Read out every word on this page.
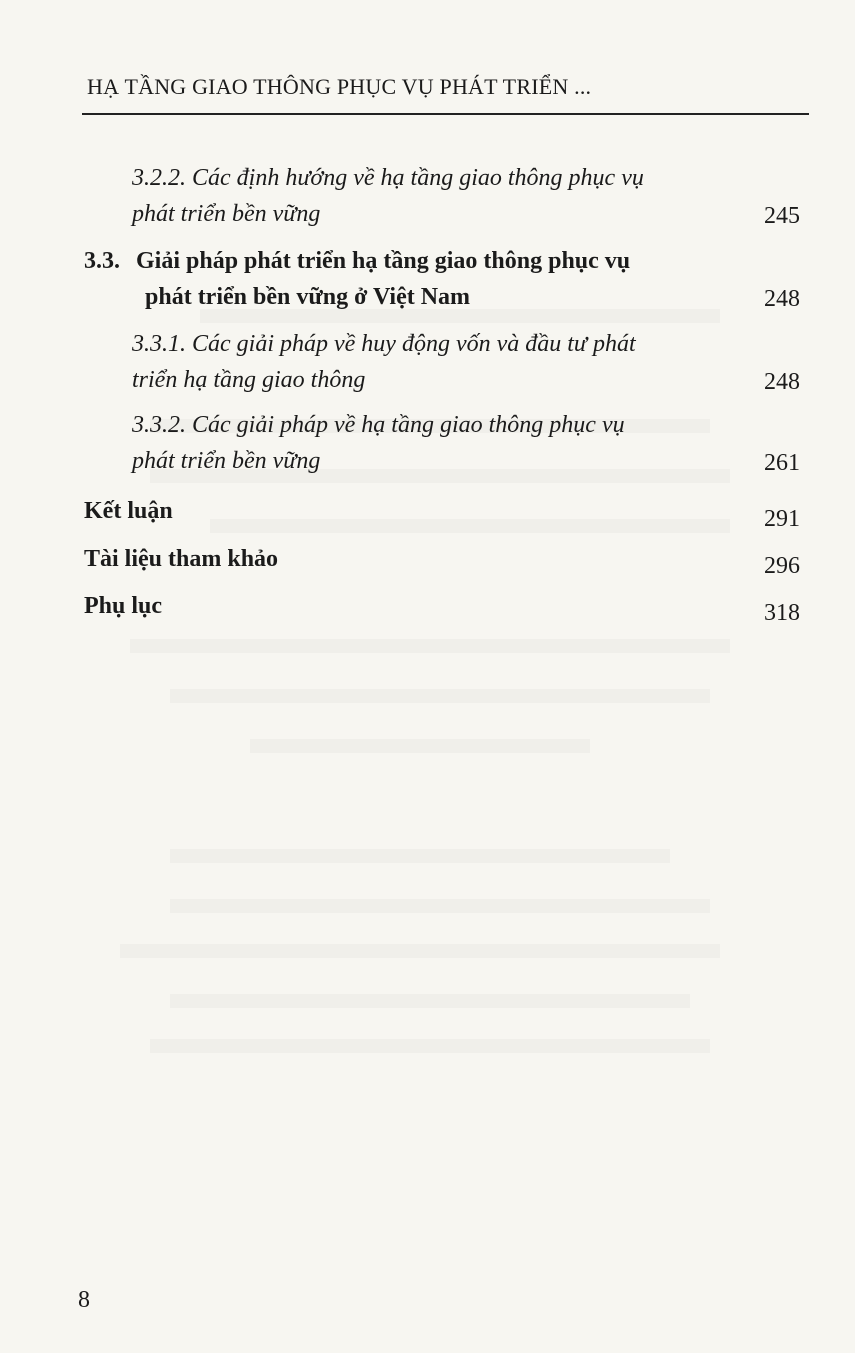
HẠ TẦNG GIAO THÔNG PHỤC VỤ PHÁT TRIỂN ...
3.2.2. Các định hướng về hạ tầng giao thông phục vụ
phát triển bền vững	245
3.3. Giải pháp phát triển hạ tầng giao thông phục vụ
phát triển bền vững ở Việt Nam	248
3.3.1. Các giải pháp về huy động vốn và đầu tư phát
triển hạ tầng giao thông	248
3.3.2. Các giải pháp về hạ tầng giao thông phục vụ
phát triển bền vững	261
Kết luận	291
Tài liệu tham khảo	296
Phụ lục	318
8
